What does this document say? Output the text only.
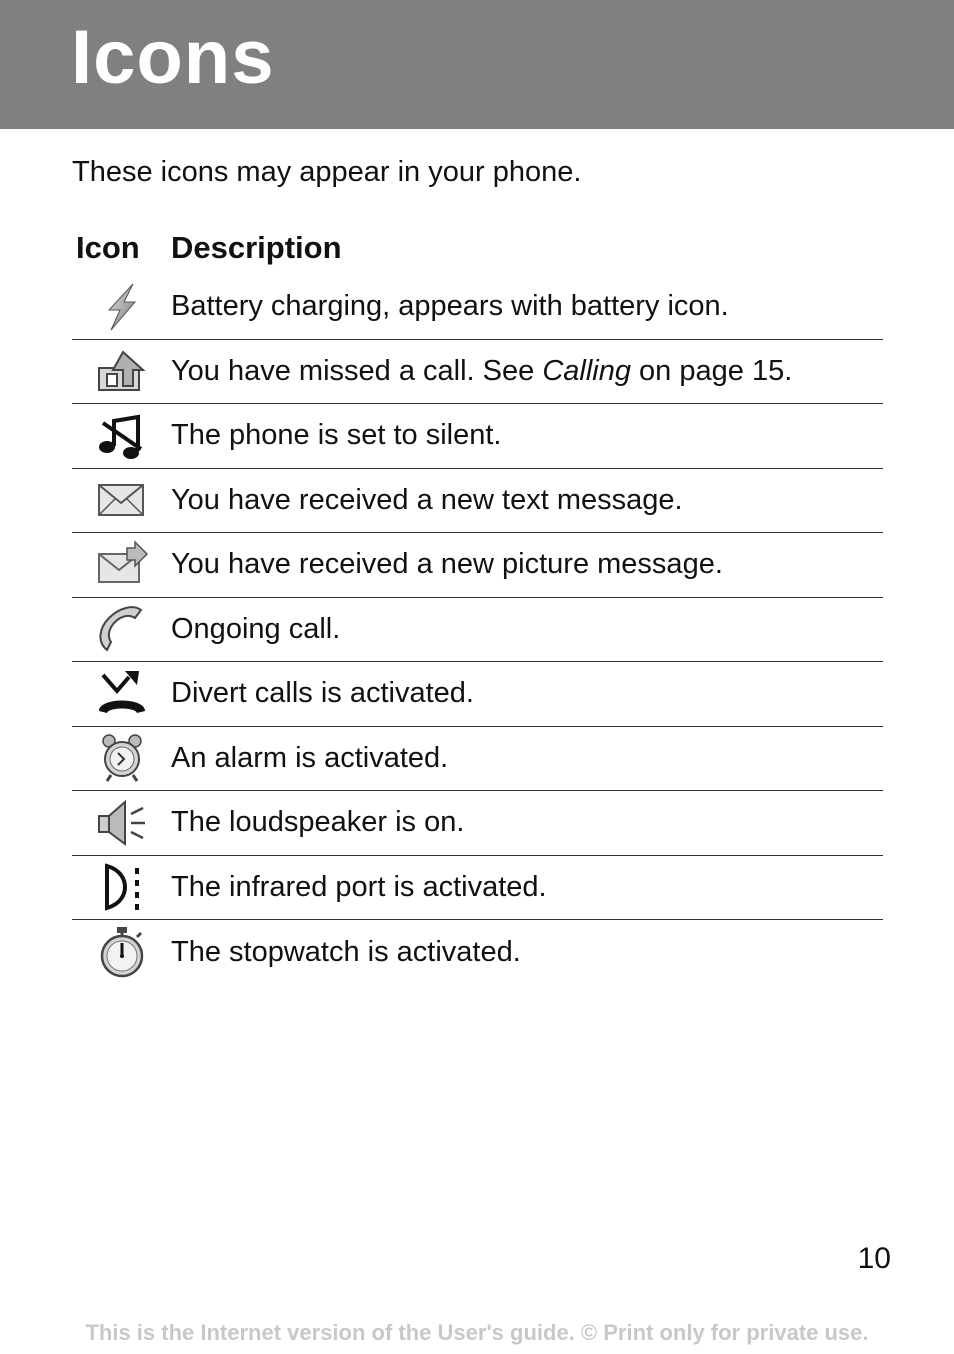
Icons

These icons may appear in your phone.

Icon	Description
Battery charging, appears with battery icon.
You have missed a call. See Calling on page 15.
The phone is set to silent.
You have received a new text message.
You have received a new picture message.
Ongoing call.
Divert calls is activated.
An alarm is activated.
The loudspeaker is on.
The infrared port is activated.
The stopwatch is activated.
10
This is the Internet version of the User's guide. © Print only for private use.
